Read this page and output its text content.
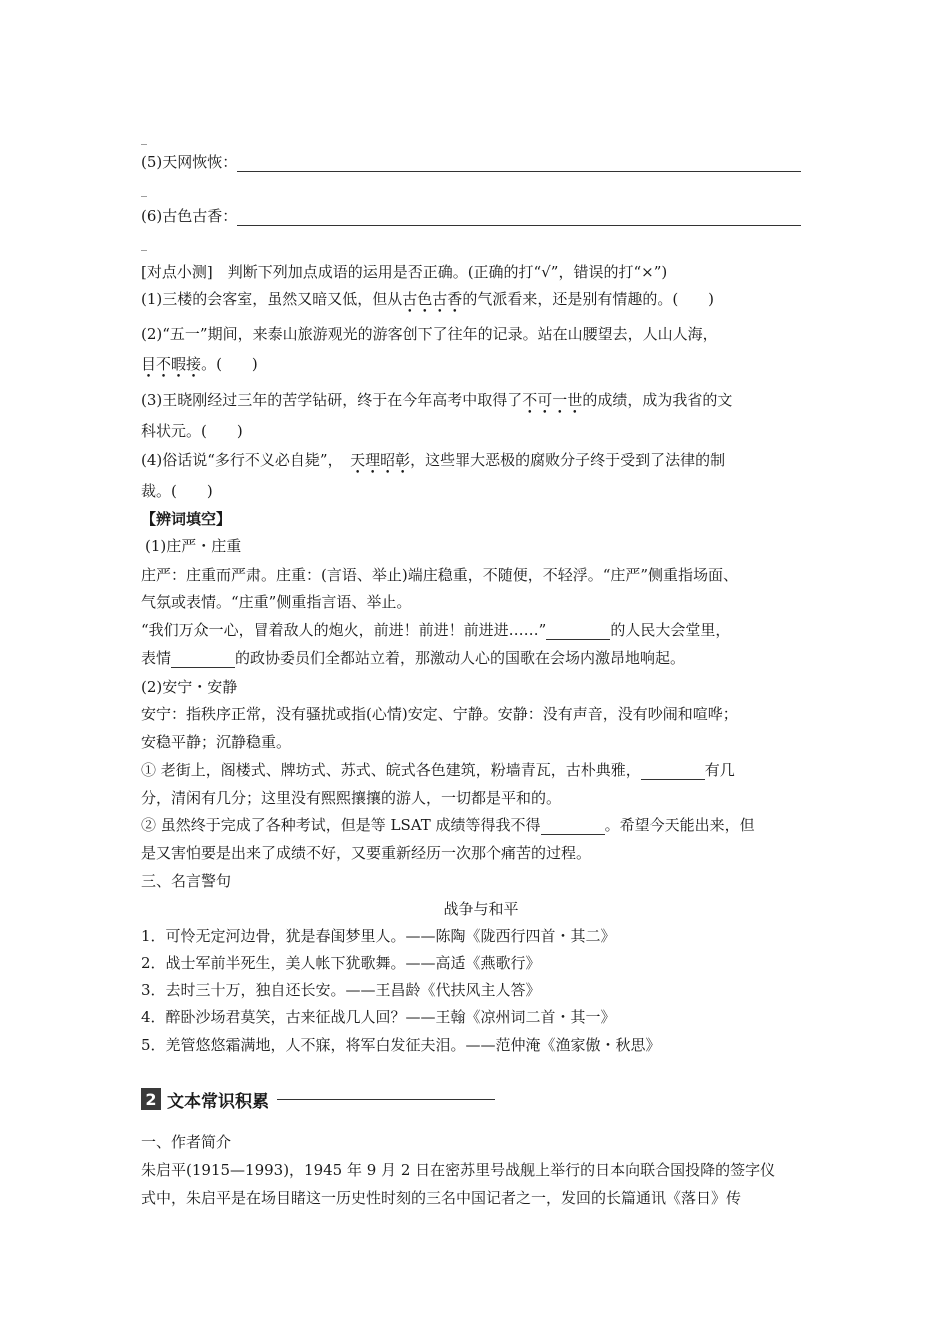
_
(5)天网恢恢：
_
(6)古色古香：
_
[对点小测]　判断下列加点成语的运用是否正确。(正确的打“√”，错误的打“×”)
(1)三楼的会客室，虽然又暗又低，但从古色古香的气派看来，还是别有情趣的。(　　)
(2)“五一”期间，来泰山旅游观光的游客创下了往年的记录。站在山腰望去，人山人海，
目不暇接。(　　)
(3)王晓刚经过三年的苦学钻研，终于在今年高考中取得了不可一世的成绩，成为我省的文
科状元。(　　)
(4)俗话说“多行不义必自毙”，　天理昭彰，这些罪大恶极的腐败分子终于受到了法律的制
裁。(　　)
【辨词填空】
(1)庄严・庄重
庄严：庄重而严肃。庄重：(言语、举止)端庄稳重，不随便，不轻浮。“庄严”侧重指场面、
气氛或表情。“庄重”侧重指言语、举止。
“我们万众一心，冒着敌人的炮火，前进！前进！前进进……”	的人民大会堂里，
表情	的政协委员们全都站立着，那激动人心的国歌在会场内激昂地响起。
(2)安宁・安静
安宁：指秩序正常，没有骚扰或指(心情)安定、宁静。安静：没有声音，没有吵闹和喧哗；
安稳平静；沉静稳重。
① 老街上，阁楼式、牌坊式、苏式、皖式各色建筑，粉墙青瓦，古朴典雅，	有几
分，清闲有几分；这里没有熙熙攘攘的游人，一切都是平和的。
② 虽然终于完成了各种考试，但是等 LSAT 成绩等得我不得	。希望今天能出来，但
是又害怕要是出来了成绩不好，又要重新经历一次那个痛苦的过程。
三、名言警句
战争与和平
1．可怜无定河边骨，犹是春闺梦里人。——陈陶《陇西行四首・其二》
2．战士军前半死生，美人帐下犹歌舞。——高适《燕歌行》
3．去时三十万，独自还长安。——王昌龄《代扶风主人答》
4．醉卧沙场君莫笑，古来征战几人回？——王翰《凉州词二首・其一》
5．羌管悠悠霜满地，人不寐，将军白发征夫泪。——范仲淹《渔家傲・秋思》
2 文本常识积累
一、作者简介
朱启平(1915—1993)，1945 年 9 月 2 日在密苏里号战舰上举行的日本向联合国投降的签字仪
式中，朱启平是在场目睹这一历史性时刻的三名中国记者之一，发回的长篇通讯《落日》传
